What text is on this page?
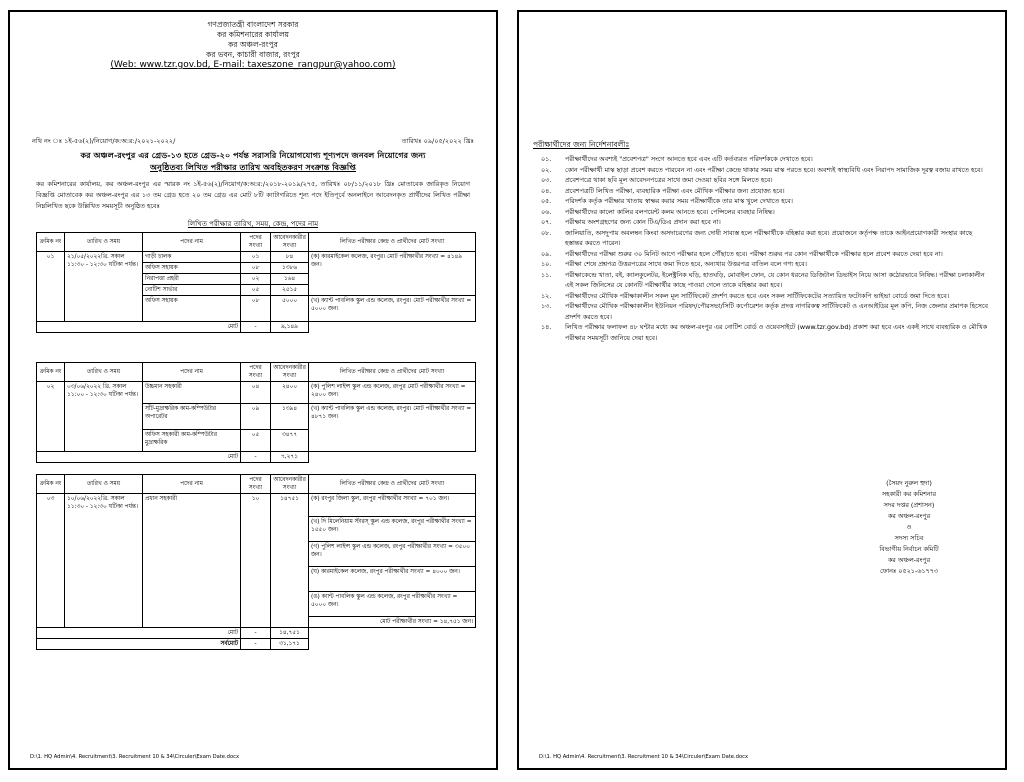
গণপ্রজাতন্ত্রী বাংলাদেশ সরকার
কর কমিশনারের কার্যালয়
কর অঞ্চল-রংপুর
কর ভবন, কাচারী বাজার, রংপুর
(Web: www.tzr.gov.bd, E-mail: taxeszone_rangpur@yahoo.com)
নথি নং ঃ ১ই-৫৬(২)/নিয়োগ/ক:অ:র:/২০২১-২০২২/	তারিখঃ ০৯/০৫/২০২২ খ্রিঃ
কর অঞ্চল-রংপুর এর গ্রেড-১৩ হতে গ্রেড-২০ পর্যন্ত সরাসরি নিয়োগযোগ্য শূণ্যপদে জনবল নিয়োগের জন্য
অনুষ্ঠিতব্য লিখিত পরীক্ষার তারিখ অবহিতকরণ সংক্রান্ত বিজ্ঞপ্তি
কর কমিশনারের কার্যালয়, কর অঞ্চল-রংপুর এর স্মারক নং ১ই-৫৬(২)/নিয়োগ/ক:অ:র:/২০১৮-২০১৯/২৭৫, তারিখঃ ০৮/১১/২০১৮ খ্রিঃ মোতাবেক জারিকৃত নিয়োগ বিজ্ঞপ্তি মোতাবেক কর অঞ্চল-রংপুর এর ১৩ তম গ্রেড হতে ২০ তম গ্রেড এর মোট ৮টি ক্যাটাগরিতে শূন্য পদে ইতিপূর্বে অনলাইনে আবেদনকৃত প্রার্থীদের লিখিত পরীক্ষা নিম্নলিখিত ছকে উল্লিখিত সময়সূচী অনুষ্ঠিত হবেঃ
লিখিত পরীক্ষার তারিখ, সময়, কেন্দ্র, পদের নাম
ক্রমিক নং	তারিখ ও সময়	পদের নাম	পদের সংখ্যা	আবেদনকারীর সংখ্যা	লিখিত পরীক্ষার কেন্দ্র ও প্রার্থীদের মোট সংখ্যা
০১	২১/০৫/২০২২খ্রি. সকাল ১১:৩০ - ১২:৩০ ঘটিকা পর্যন্ত।	গাড়ী চালক	০১	৮৪	(ক) কারমাইকেল কলেজ, রংপুর। মোট পরীক্ষার্থীর সংখ্যা = ৪১৪৯ জন।
		অফিস সহায়ক	০৮	১৩৮৬	
		নিরাপত্তা প্রহরী	০২	১৬৪	
		নোটিশ সার্ভার	০৫	২৫১৫	
		অফিস সহায়ক	০৮	৫০০০	(খ) ক্যান্ট পাবলিক স্কুল এন্ড কলেজ, রংপুর। মোট পরীক্ষার্থীর সংখ্যা = ৫০০০ জন।
মোট			-	৯,১৪৯	
ক্রমিক নং	তারিখ ও সময়	পদের নাম	পদের সংখ্যা	আবেদনকারীর সংখ্যা	লিখিত পরীক্ষার কেন্দ্র ও প্রার্থীদের মোট সংখ্যা
০২	০৩/০৬/২০২২ খ্রি. সকাল ১১:০০ - ১২:৩০ ঘটিকা পর্যন্ত।	উচ্চমান সহকারী	০৪	২৪০০	(ক) পুলিশ লাইন্স স্কুল এন্ড কলেজ, রংপুর মোট পরীক্ষার্থীর সংখ্যা = ২৪০০ জন।
		সাঁট-মুদ্রাক্ষরিক কাম-কম্পিউটার অপারেটর	০৯	১৩৯৪	(খ) ক্যান্ট পাবলিক স্কুল এন্ড কলেজ, রংপুর। মোট পরীক্ষার্থীর সংখ্যা = ৪৮৭১ জন।
		অফিস সহকারী কাম-কম্পিউটার মুদ্রাক্ষরিক	০৫	৩৪৭৭	
মোট			-	৭,২৭১	
ক্রমিক নং	তারিখ ও সময়	পদের নাম	পদের সংখ্যা	আবেদনকারীর সংখ্যা	লিখিত পরীক্ষার কেন্দ্র ও প্রার্থীদের মোট সংখ্যা
০৩	১০/০৬/২০২২খ্রি. সকাল ১১:৩০ - ১২:৩০ ঘটিকা পর্যন্ত।	প্রধান সহকারী	১০	১৪৭৫১	(ক) রংপুর জিলা স্কুল, রংপুর পরীক্ষার্থীর সংখ্যা = ৭০১ জন।
					(খ) দি মিলেনিয়াম স্টারস্ স্কুল এন্ড কলেজ, রংপুর পরীক্ষার্থীর সংখ্যা = ১৫৫০ জন।
					(গ) পুলিশ লাইন্স স্কুল এন্ড কলেজ, রংপুর পরীক্ষার্থীর সংখ্যা = ৩৫০০ জন।
					(ঘ) কারমাইকেল কলেজ, রংপুর পরীক্ষার্থীর সংখ্যা = ৪০০০ জন।
					(ঙ) ক্যান্ট পাবলিক স্কুল এন্ড কলেজ, রংপুর পরীক্ষার্থীর সংখ্যা = ৫০০০ জন।
					মোট পরীক্ষার্থীর সংখ্যা = ১৪,৭৫১ জন।
মোট			-	১৪,৭৫১	
সর্বমোট			-	৩১,১৭১	
D:\1. HQ Admin\4. Recruitment\3. Recruitment 10 & 34\Circuler\Exam Date.docx
পরীক্ষার্থীদের জন্য নির্দেশনাবলীঃ
০১.	পরীক্ষার্থীদের অবশ্যই "প্রবেশপত্র" সংগে আনতে হবে এবং এটি কর্তব্যরত পরিদর্শককে দেখাতে হবে।
০২.	কোন পরীক্ষার্থী মাস্ক ছাড়া প্রবেশ করতে পারবেন না এবং পরীক্ষা কেন্দ্রে থাকার সময় মাস্ক পরতে হবে। অবশ্যই স্বাস্থ্যবিধি এবং নিরাপদ সামাজিক দূরত্ব বজায় রাখতে হবে।
০৩.	প্রবেশপত্রে থাকা ছবি মূল আবেদনপত্রের সাথে জমা দেওয়া ছবির সঙ্গে মিলতে হবে।
০৪.	প্রবেশপত্রটি লিখিত পরীক্ষা, ব্যবহারিক পরীক্ষা এবং মৌখিক পরীক্ষার জন্য প্রযোজ্য হবে।
০৫.	পরিদর্শক কর্তৃক পরীক্ষার খাতায় স্বাক্ষর করার সময় পরীক্ষার্থীকে তার মাস্ক খুলে দেখাতে হবে।
০৬.	পরীক্ষার্থীদের কালো কালির বলপয়েন্ট কলম আনতে হবে। পেন্সিলের ব্যবহার নিষিদ্ধ।
০৭.	পরীক্ষায় অংশগ্রহণের জন্য কোন টিএ/ডিএ প্রদান করা হবে না।
০৮.	জালিয়াতি, অসদুপায় অবলম্বন কিংবা অসদাচরণের জন্য দোষী সাব্যস্ত হলে পরীক্ষার্থীকে বহিষ্কার করা হবে। প্রয়োজনে কর্তৃপক্ষ তাকে আইনপ্রয়োগকারী সংস্থার কাছে হস্তান্তর করতে পারেন।
০৯.	পরীক্ষার্থীদের পরীক্ষা শুরুর ৩০ মিনিট আগে পরীক্ষার হলে পৌঁছাতে হবে। পরীক্ষা শুরুর পর কোন পরীক্ষার্থীকে পরীক্ষার হলে প্রবেশ করতে দেয়া হবে না।
১০.	পরীক্ষা শেষে প্রশ্নপত্র উত্তরপত্রের সাথে জমা দিতে হবে, অন্যথায় উত্তরপত্র বাতিল বলে গণ্য হবে।
১১.	পরীক্ষাকেন্দ্রে খাতা, বই, ক্যালকুলেটর, ইলেক্ট্রনিক ঘড়ি, হাতঘড়ি, মোবাইল ফোন, যে কোন ধরনের ডিজিটাল ডিভাইস নিয়ে আসা কঠোরভাবে নিষিদ্ধ। পরীক্ষা চলাকালীন এই সকল জিনিসের যে কোনটি পরীক্ষার্থীর কাছে পাওয়া গেলে তাকে বহিষ্কার করা হবে।
১২.	পরীক্ষার্থীদের মৌখিক পরীক্ষাকালীন সকল মূল সার্টিফিকেট প্রদর্শণ করতে হবে এবং সকল সার্টিফিকেটের সত্যায়িত ফটোকপি ভাইভা বোর্ডে জমা দিতে হবে।
১৩.	পরীক্ষার্থীদের মৌখিক পরীক্ষাকালীন ইউনিয়ন পরিষদ/পৌরসভা/সিটি কর্পোরেশন কর্তৃক প্রদত্ত নাগরিকত্ব সার্টিফিকেট ও এনআইডির মূল কপি, নিজ জেলার প্রমাণক হিসেবে প্রদর্শণ করতে হবে।
১৪.	লিখিত পরীক্ষার ফলাফল ৪৮ ঘন্টার মধ্যে কর অঞ্চল-রংপুর এর নোটিশ বোর্ড ও ওয়েবসাইটে (www.tzr.gov.bd) প্রকাশ করা হবে এবং একই সাথে ব্যবহারিক ও মৌখিক পরীক্ষার সময়সূচী জানিয়ে দেয়া হবে।
(সৈয়দ নুরুল হুদা)
সহকারী কর কমিশনার
সদর দপ্তর (প্রশাসন)
কর অঞ্চল-রংপুর
ও
সদস্য সচিব
বিভাগীয় নির্বাচন কমিটি
কর অঞ্চল-রংপুর
ফোনঃ ০৫২১-৬১৭৭৩
D:\1. HQ Admin\4. Recruitment\3. Recruitment 10 & 34\Circuler\Exam Date.docx
